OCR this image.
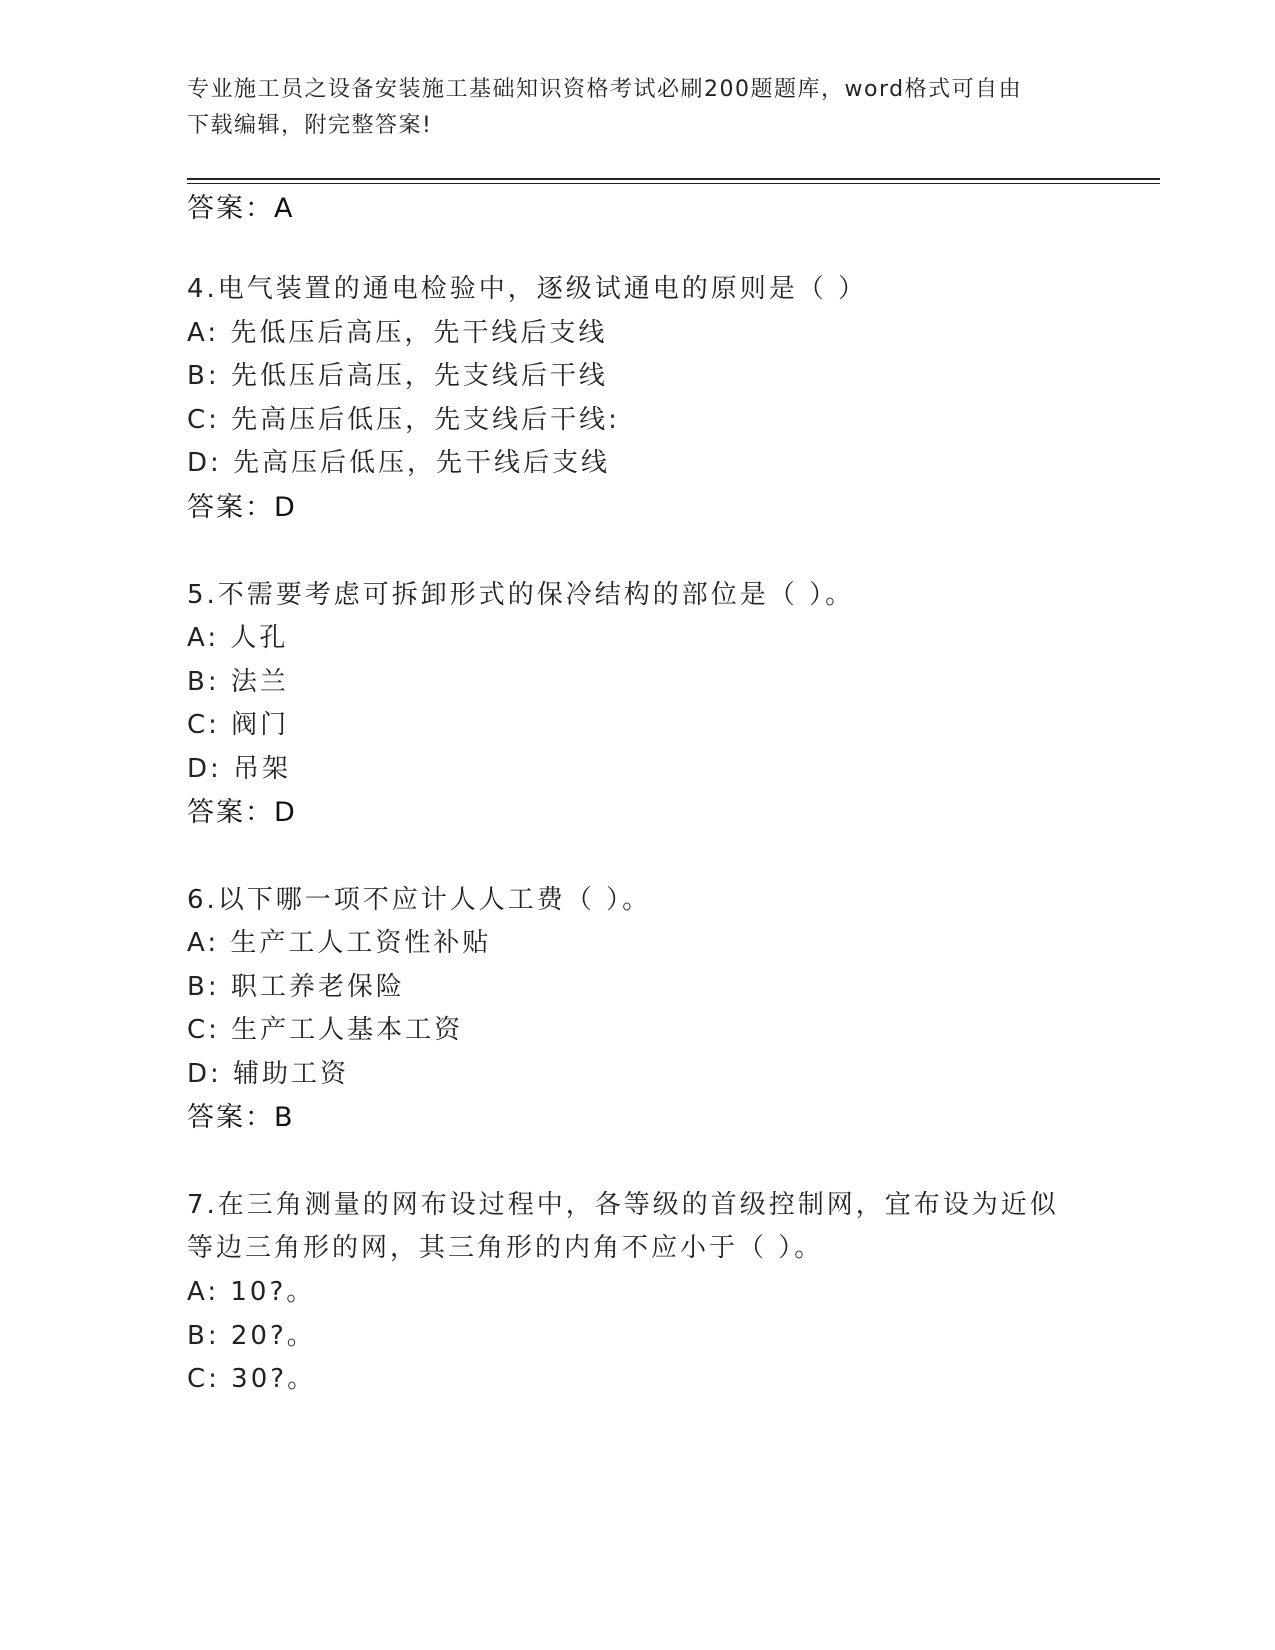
专业施工员之设备安装施工基础知识资格考试必刷200题题库，word格式可自由
下载编辑，附完整答案!
答案：A
4.电气装置的通电检验中，逐级试通电的原则是（ ）
A: 先低压后高压，先干线后支线
B: 先低压后高压，先支线后干线
C: 先高压后低压，先支线后干线:
D: 先高压后低压，先干线后支线
答案：D
5.不需要考虑可拆卸形式的保冷结构的部位是（ ）。
A: 人孔
B: 法兰
C: 阀门
D: 吊架
答案：D
6.以下哪一项不应计人人工费（ ）。
A: 生产工人工资性补贴
B: 职工养老保险
C: 生产工人基本工资
D: 辅助工资
答案：B
7.在三角测量的网布设过程中，各等级的首级控制网，宜布设为近似
等边三角形的网，其三角形的内角不应小于（ ）。
A: 10?。
B: 20?。
C: 30?。
